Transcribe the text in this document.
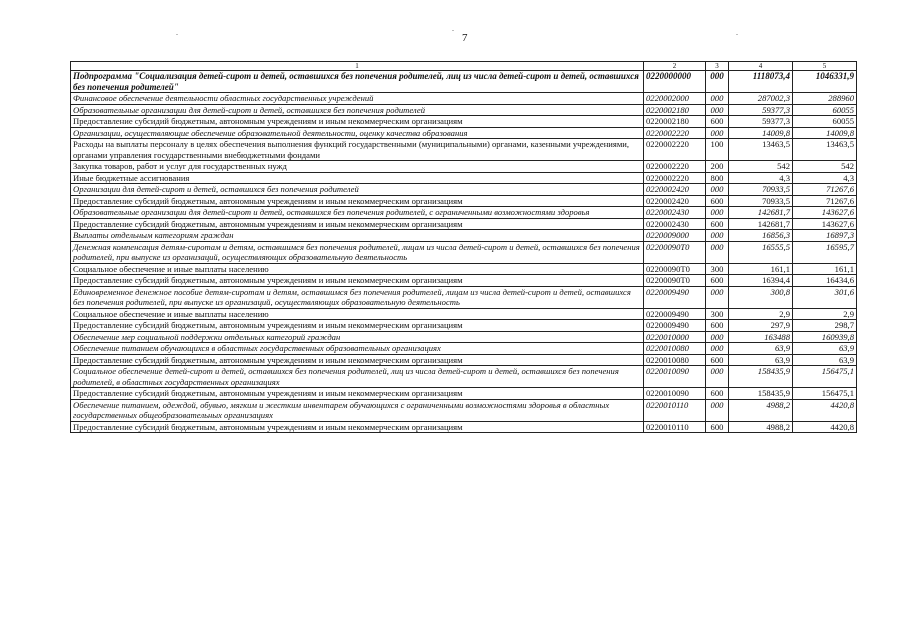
7
.	.	.
1	2	3	4	5
Подпрограмма "Социализация детей-сирот и детей, оставшихся без попечения родителей, лиц из числа детей-сирот и детей, оставшихся без попечения родителей"	0220000000	000	1118073,4	1046331,9
Финансовое обеспечение деятельности областных государственных учреждений	0220002000	000	287002,3	288960
Образовательные организации для детей-сирот и детей, оставшихся без попечения родителей	0220002180	000	59377,3	60055
Предоставление субсидий бюджетным, автономным учреждениям и иным некоммерческим организациям	0220002180	600	59377,3	60055
Организации, осуществляющие обеспечение образовательной деятельности, оценку качества образования	0220002220	000	14009,8	14009,8
Расходы на выплаты персоналу в целях обеспечения выполнения функций государственными (муниципальными) органами, казенными учреждениями, органами управления государственными внебюджетными фондами	0220002220	100	13463,5	13463,5
Закупка товаров, работ и услуг для государственных нужд	0220002220	200	542	542
Иные бюджетные ассигнования	0220002220	800	4,3	4,3
Организации для детей-сирот и детей, оставшихся без попечения родителей	0220002420	000	70933,5	71267,6
Предоставление субсидий бюджетным, автономным учреждениям и иным некоммерческим организациям	0220002420	600	70933,5	71267,6
Образовательные организации для детей-сирот и детей, оставшихся без попечения родителей, с ограниченными возможностями здоровья	0220002430	000	142681,7	143627,6
Предоставление субсидий бюджетным, автономным учреждениям и иным некоммерческим организациям	0220002430	600	142681,7	143627,6
Выплаты отдельным категориям граждан	0220009000	000	16856,3	16897,3
Денежная компенсация детям-сиротам и детям, оставшимся без попечения родителей, лицам из числа детей-сирот и детей, оставшихся без попечения родителей, при выпуске из организаций, осуществляющих образовательную деятельность	02200090Т0	000	16555,5	16595,7
Социальное обеспечение и иные выплаты населению	02200090Т0	300	161,1	161,1
Предоставление субсидий бюджетным, автономным учреждениям и иным некоммерческим организациям	02200090Т0	600	16394,4	16434,6
Единовременное денежное пособие детям-сиротам и детям, оставшимся без попечения родителей, лицам из числа детей-сирот и детей, оставшихся без попечения родителей, при выпуске из организаций, осуществляющих образовательную деятельность	0220009490	000	300,8	301,6
Социальное обеспечение и иные выплаты населению	0220009490	300	2,9	2,9
Предоставление субсидий бюджетным, автономным учреждениям и иным некоммерческим организациям	0220009490	600	297,9	298,7
Обеспечение мер социальной поддержки отдельных категорий граждан	0220010000	000	163488	160939,8
Обеспечение питанием обучающихся в областных государственных образовательных организациях	0220010080	000	63,9	63,9
Предоставление субсидий бюджетным, автономным учреждениям и иным некоммерческим организациям	0220010080	600	63,9	63,9
Социальное обеспечение детей-сирот и детей, оставшихся без попечения родителей, лиц из числа детей-сирот и детей, оставшихся без попечения родителей, в областных государственных организациях	0220010090	000	158435,9	156475,1
Предоставление субсидий бюджетным, автономным учреждениям и иным некоммерческим организациям	0220010090	600	158435,9	156475,1
Обеспечение питанием, одеждой, обувью, мягким и жестким инвентарем обучающихся с ограниченными возможностями здоровья в областных государственных общеобразовательных организациях	0220010110	000	4988,2	4420,8
Предоставление субсидий бюджетным, автономным учреждениям и иным некоммерческим организациям	0220010110	600	4988,2	4420,8
